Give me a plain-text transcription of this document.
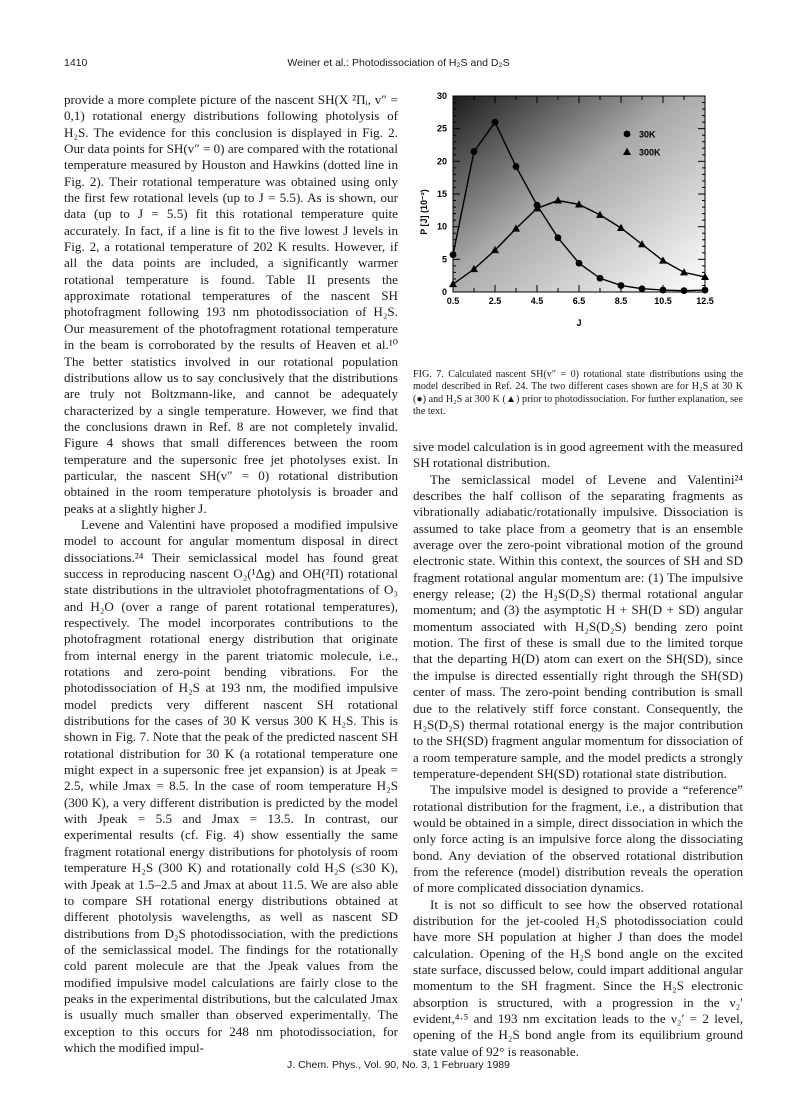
1410	Weiner et al.: Photodissociation of H₂S and D₂S

provide a more complete picture of the nascent SH(X ²Πᵢ, v″ = 0,1) rotational energy distributions following photolysis of H₂S. The evidence for this conclusion is displayed in Fig. 2. Our data points for SH(v″ = 0) are compared with the rotational temperature measured by Houston and Hawkins (dotted line in Fig. 2). Their rotational temperature was obtained using only the first few rotational levels (up to J = 5.5). As is shown, our data (up to J = 5.5) fit this rotational temperature quite accurately. In fact, if a line is fit to the five lowest J levels in Fig. 2, a rotational temperature of 202 K results. However, if all the data points are included, a significantly warmer rotational temperature is found. Table II presents the approximate rotational temperatures of the nascent SH photofragment following 193 nm photodissociation of H₂S. Our measurement of the photofragment rotational temperature in the beam is corroborated by the results of Heaven et al.¹⁰ The better statistics involved in our rotational population distributions allow us to say conclusively that the distributions are truly not Boltzmann-like, and cannot be adequately characterized by a single temperature. However, we find that the conclusions drawn in Ref. 8 are not completely invalid. Figure 4 shows that small differences between the room temperature and the supersonic free jet photolyses exist. In particular, the nascent SH(v″ = 0) rotational distribution obtained in the room temperature photolysis is broader and peaks at a slightly higher J.

Levene and Valentini have proposed a modified impulsive model to account for angular momentum disposal in direct dissociations.²⁴ Their semiclassical model has found great success in reproducing nascent O₂(¹Δg) and OH(²Π) rotational state distributions in the ultraviolet photofragmentations of O₃ and H₂O (over a range of parent rotational temperatures), respectively. The model incorporates contributions to the photofragment rotational energy distribution that originate from internal energy in the parent triatomic molecule, i.e., rotations and zero-point bending vibrations. For the photodissociation of H₂S at 193 nm, the modified impulsive model predicts very different nascent SH rotational distributions for the cases of 30 K versus 300 K H₂S. This is shown in Fig. 7. Note that the peak of the predicted nascent SH rotational distribution for 30 K (a rotational temperature one might expect in a supersonic free jet expansion) is at Jpeak = 2.5, while Jmax = 8.5. In the case of room temperature H₂S (300 K), a very different distribution is predicted by the model with Jpeak = 5.5 and Jmax = 13.5. In contrast, our experimental results (cf. Fig. 4) show essentially the same fragment rotational energy distributions for photolysis of room temperature H₂S (300 K) and rotationally cold H₂S (≤30 K), with Jpeak at 1.5–2.5 and Jmax at about 11.5. We are also able to compare SH rotational energy distributions obtained at different photolysis wavelengths, as well as nascent SD distributions from D₂S photodissociation, with the predictions of the semiclassical model. The findings for the rotationally cold parent molecule are that the Jpeak values from the modified impulsive model calculations are fairly close to the peaks in the experimental distributions, but the calculated Jmax is usually much smaller than observed experimentally. The exception to this occurs for 248 nm photodissociation, for which the modified impul-

0.5	2.5	4.5	6.5	8.5	10.5	12.5
0
5
10
15
20
25
30
30K
300K
P [J] (10⁻²)
J
FIG. 7. Calculated nascent SH(v″ = 0) rotational state distributions using the model described in Ref. 24. The two different cases shown are for H₂S at 30 K (●) and H₂S at 300 K (▲) prior to photodissociation. For further explanation, see the text.

sive model calculation is in good agreement with the measured SH rotational distribution.

The semiclassical model of Levene and Valentini²⁴ describes the half collison of the separating fragments as vibrationally adiabatic/rotationally impulsive. Dissociation is assumed to take place from a geometry that is an ensemble average over the zero-point vibrational motion of the ground electronic state. Within this context, the sources of SH and SD fragment rotational angular momentum are: (1) The impulsive energy release; (2) the H₂S(D₂S) thermal rotational angular momentum; and (3) the asymptotic H + SH(D + SD) angular momentum associated with H₂S(D₂S) bending zero point motion. The first of these is small due to the limited torque that the departing H(D) atom can exert on the SH(SD), since the impulse is directed essentially right through the SH(SD) center of mass. The zero-point bending contribution is small due to the relatively stiff force constant. Consequently, the H₂S(D₂S) thermal rotational energy is the major contribution to the SH(SD) fragment angular momentum for dissociation of a room temperature sample, and the model predicts a strongly temperature-dependent SH(SD) rotational state distribution.

The impulsive model is designed to provide a “reference” rotational distribution for the fragment, i.e., a distribution that would be obtained in a simple, direct dissociation in which the only force acting is an impulsive force along the dissociating bond. Any deviation of the observed rotational distribution from the reference (model) distribution reveals the operation of more complicated dissociation dynamics.

It is not so difficult to see how the observed rotational distribution for the jet-cooled H₂S photodissociation could have more SH population at higher J than does the model calculation. Opening of the H₂S bond angle on the excited state surface, discussed below, could impart additional angular momentum to the SH fragment. Since the H₂S electronic absorption is structured, with a progression in the ν₂′ evident,⁴·⁵ and 193 nm excitation leads to the ν₂′ = 2 level, opening of the H₂S bond angle from its equilibrium ground state value of 92° is reasonable.

J. Chem. Phys., Vol. 90, No. 3, 1 February 1989
